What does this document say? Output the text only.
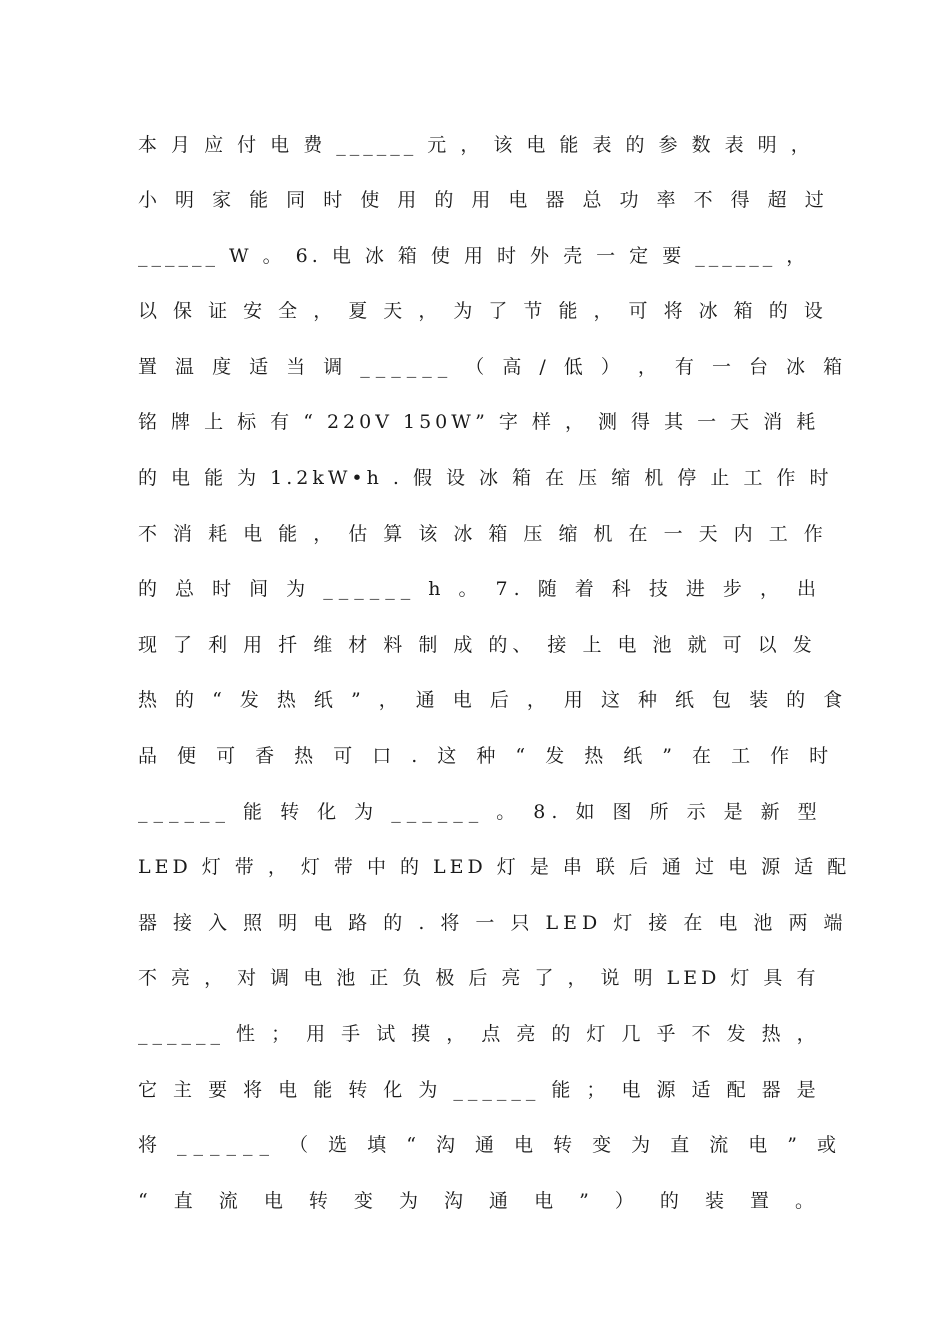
本 月 应 付 电 费 ______ 元 ， 该 电 能 表 的 参 数 表 明 ，
小 明 家 能 同 时 使 用 的 用 电 器 总 功 率 不 得 超 过
______ W 。 6. 电 冰 箱 使 用 时 外 壳 一 定 要 ______ ，
以 保 证 安 全 ， 夏 天 ， 为 了 节 能 ， 可 将 冰 箱 的 设
置 温 度 适 当 调 ______ （ 高 / 低 ） ， 有 一 台 冰 箱
铭 牌 上 标 有 “ 220V 150W” 字 样 ， 测 得 其 一 天 消 耗
的 电 能 为 1.2kW•h . 假 设 冰 箱 在 压 缩 机 停 止 工 作 时
不 消 耗 电 能 ， 估 算 该 冰 箱 压 缩 机 在 一 天 内 工 作
的 总 时 间 为 ______ h 。 7. 随 着 科 技 进 步 ， 出
现 了 利 用 扦 维 材 料 制 成 的、 接 上 电 池 就 可 以 发
热 的 “ 发 热 纸 ” ， 通 电 后 ， 用 这 种 纸 包 装 的 食
品 便 可 香 热 可 口 . 这 种 “ 发 热 纸 ” 在 工 作 时
______ 能 转 化 为 ______ 。 8. 如 图 所 示 是 新 型
LED 灯 带 ， 灯 带 中 的 LED 灯 是 串 联 后 通 过 电 源 适 配
器 接 入 照 明 电 路 的 . 将 一 只 LED 灯 接 在 电 池 两 端
不 亮 ， 对 调 电 池 正 负 极 后 亮 了 ， 说 明 LED 灯 具 有
______ 性 ； 用 手 试 摸 ， 点 亮 的 灯 几 乎 不 发 热 ，
它 主 要 将 电 能 转 化 为 ______ 能 ； 电 源 适 配 器 是
将 ______ （ 选 填 “ 沟 通 电 转 变 为 直 流 电 ” 或
“ 直 流 电 转 变 为 沟 通 电 ” ） 的 装 置 。
